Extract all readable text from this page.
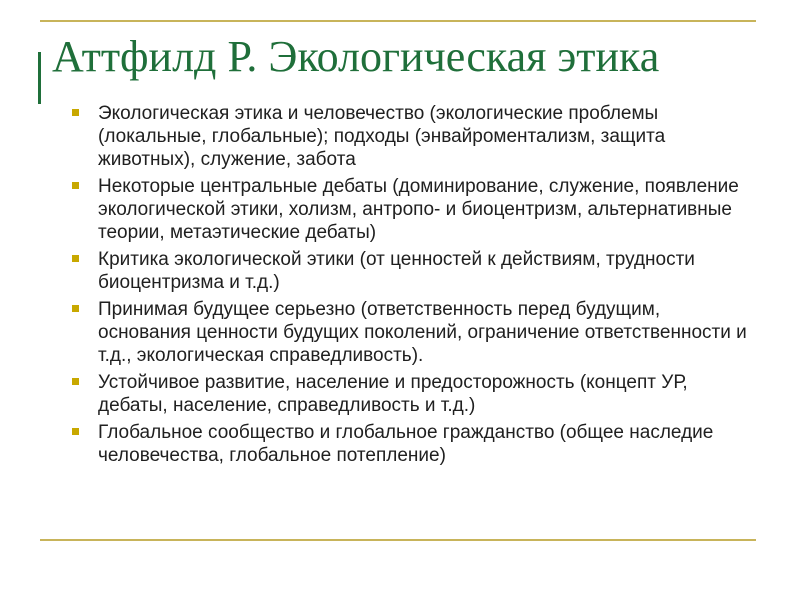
Аттфилд Р. Экологическая этика
Экологическая этика и человечество (экологические проблемы (локальные, глобальные); подходы (энвайроментализм, защита животных), служение, забота
Некоторые центральные дебаты (доминирование, служение, появление экологической этики, холизм, антропо- и биоцентризм, альтернативные теории, метаэтические дебаты)
Критика экологической этики (от ценностей к действиям, трудности биоцентризма и т.д.)
Принимая будущее серьезно (ответственность перед будущим, основания ценности будущих поколений, ограничение ответственности и т.д., экологическая справедливость).
Устойчивое развитие, население и предосторожность (концепт УР, дебаты, население, справедливость и т.д.)
Глобальное сообщество и глобальное гражданство (общее наследие человечества, глобальное потепление)
